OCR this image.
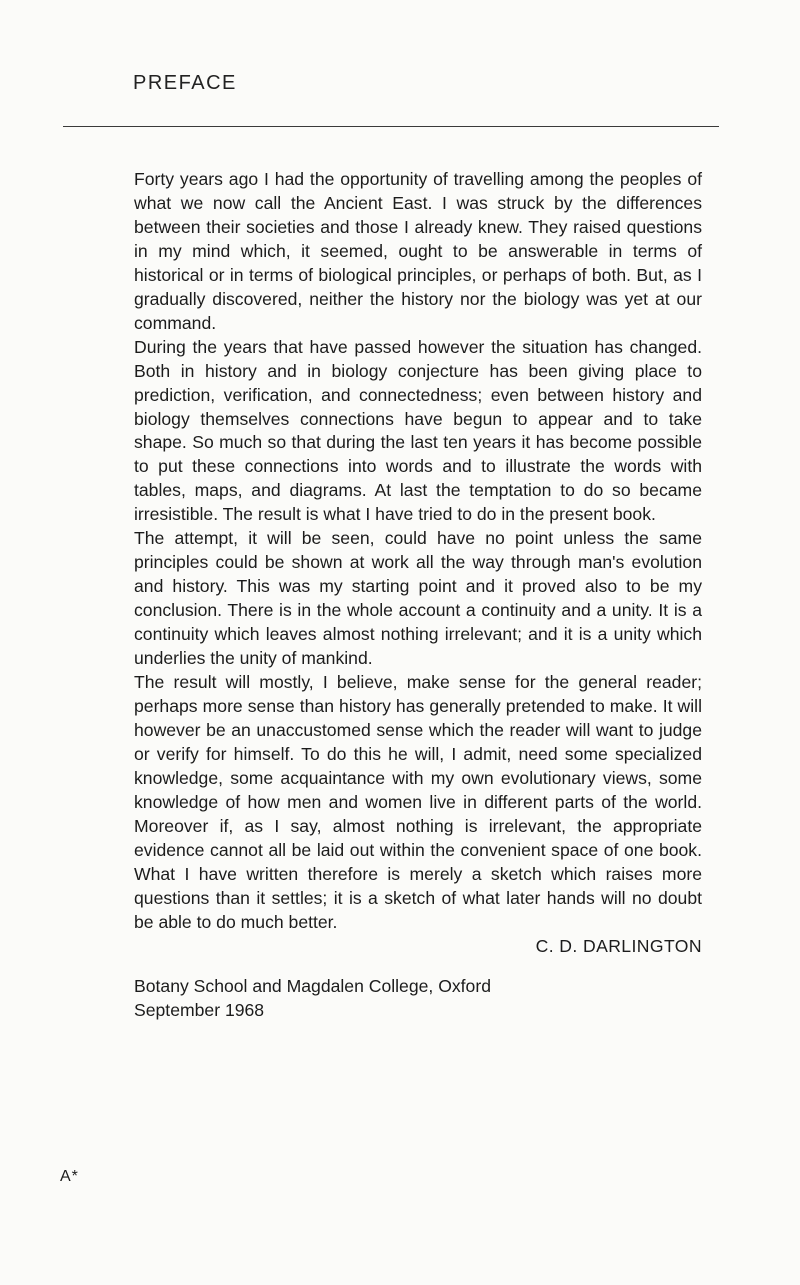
PREFACE

Forty years ago I had the opportunity of travelling among the peoples of what we now call the Ancient East. I was struck by the differences between their societies and those I already knew. They raised questions in my mind which, it seemed, ought to be answerable in terms of historical or in terms of biological principles, or perhaps of both. But, as I gradually discovered, neither the history nor the biology was yet at our command.

During the years that have passed however the situation has changed. Both in history and in biology conjecture has been giving place to prediction, verification, and connectedness; even between history and biology themselves connections have begun to appear and to take shape. So much so that during the last ten years it has become possible to put these connections into words and to illustrate the words with tables, maps, and diagrams. At last the temptation to do so became irresistible. The result is what I have tried to do in the present book.

The attempt, it will be seen, could have no point unless the same principles could be shown at work all the way through man's evolution and history. This was my starting point and it proved also to be my conclusion. There is in the whole account a continuity and a unity. It is a continuity which leaves almost nothing irrelevant; and it is a unity which underlies the unity of mankind.

The result will mostly, I believe, make sense for the general reader; perhaps more sense than history has generally pretended to make. It will however be an unaccustomed sense which the reader will want to judge or verify for himself. To do this he will, I admit, need some specialized knowledge, some acquaintance with my own evolutionary views, some knowledge of how men and women live in different parts of the world. Moreover if, as I say, almost nothing is irrelevant, the appropriate evidence cannot all be laid out within the convenient space of one book. What I have written therefore is merely a sketch which raises more questions than it settles; it is a sketch of what later hands will no doubt be able to do much better.

C. D. DARLINGTON
Botany School and Magdalen College, Oxford
September 1968
A*
